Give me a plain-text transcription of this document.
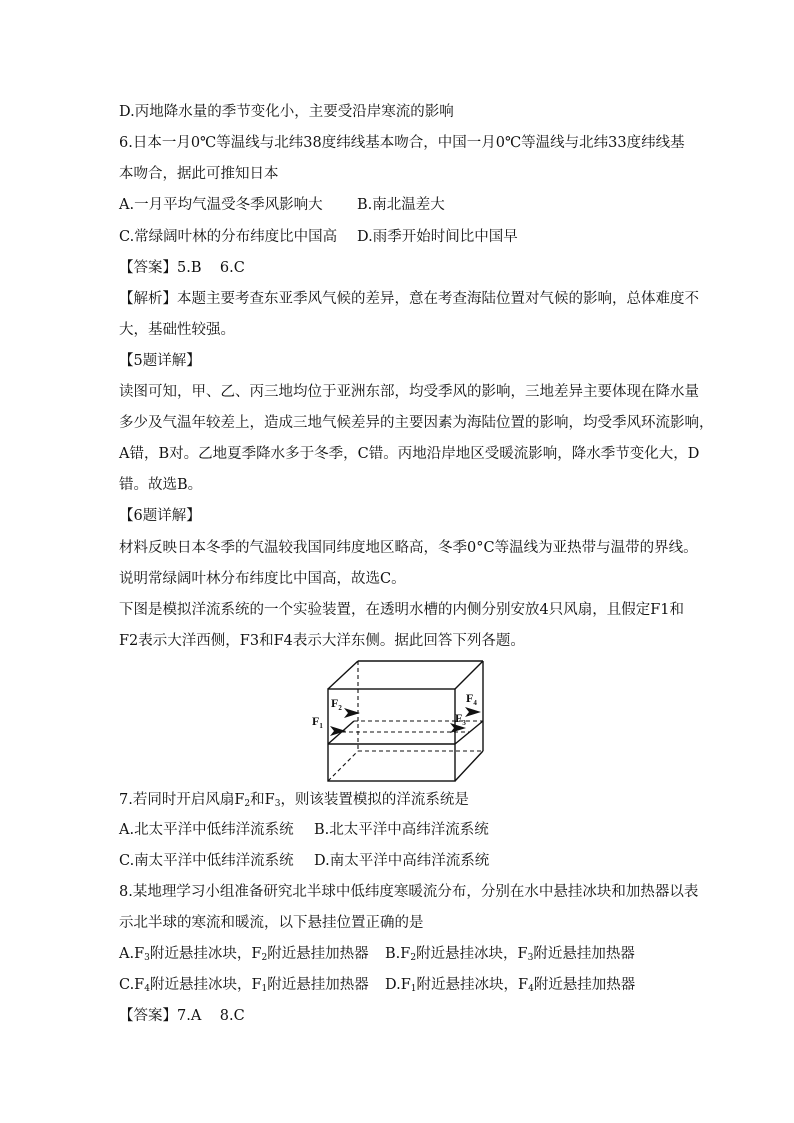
D.丙地降水量的季节变化小，主要受沿岸寒流的影响
6.日本一月0℃等温线与北纬38度纬线基本吻合，中国一月0℃等温线与北纬33度纬线基
本吻合，据此可推知日本
A.一月平均气温受冬季风影响大 B.南北温差大
C.常绿阔叶林的分布纬度比中国高 D.雨季开始时间比中国早
【答案】5.B    6.C
【解析】本题主要考查东亚季风气候的差异，意在考查海陆位置对气候的影响，总体难度不
大，基础性较强。
【5题详解】
读图可知，甲、乙、丙三地均位于亚洲东部，均受季风的影响，三地差异主要体现在降水量
多少及气温年较差上，造成三地气候差异的主要因素为海陆位置的影响，均受季风环流影响，
A错，B对。乙地夏季降水多于冬季，C错。丙地沿岸地区受暖流影响，降水季节变化大，D
错。故选B。
【6题详解】
材料反映日本冬季的气温较我国同纬度地区略高，冬季0°C等温线为亚热带与温带的界线。
说明常绿阔叶林分布纬度比中国高，故选C。
下图是模拟洋流系统的一个实验装置，在透明水槽的内侧分别安放4只风扇，且假定F1和
F2表示大洋西侧，F3和F4表示大洋东侧。据此回答下列各题。
$F_2$
$F_1$
$F_3$
$F_4$
7.若同时开启风扇$F_2$和$F_3$，则该装置模拟的洋流系统是
A.北太平洋中低纬洋流系统 B.北太平洋中高纬洋流系统
C.南太平洋中低纬洋流系统 D.南太平洋中高纬洋流系统
8.某地理学习小组准备研究北半球中低纬度寒暖流分布，分别在水中悬挂冰块和加热器以表
示北半球的寒流和暖流，以下悬挂位置正确的是
$A.F_3$附近悬挂冰块，$F_2$附近悬挂加热器 $B.F_2$附近悬挂冰块，$F_3$附近悬挂加热器
$C.F_4$附近悬挂冰块，$F_1$附近悬挂加热器 $D.F_1$附近悬挂冰块，$F_4$附近悬挂加热器
【答案】7.A    8.C
